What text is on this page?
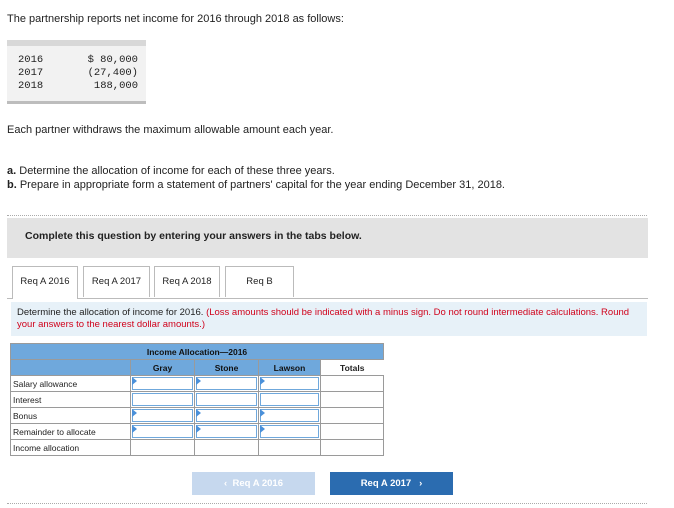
The partnership reports net income for 2016 through 2018 as follows:
2016	$ 80,000
2017	(27,400)
2018	188,000
Each partner withdraws the maximum allowable amount each year.
a. Determine the allocation of income for each of these three years.
b. Prepare in appropriate form a statement of partners' capital for the year ending December 31, 2018.
Complete this question by entering your answers in the tabs below.
Req A 2016	Req A 2017	Req A 2018	Req B
Determine the allocation of income for 2016. (Loss amounts should be indicated with a minus sign. Do not round intermediate calculations. Round your answers to the nearest dollar amounts.)
Income Allocation—2016				
	Gray	Stone	Lawson	Totals
Salary allowance	

Interest	

Bonus	

Remainder to allocate	

Income allocation				
‹ Req A 2016	Req A 2017 ›
